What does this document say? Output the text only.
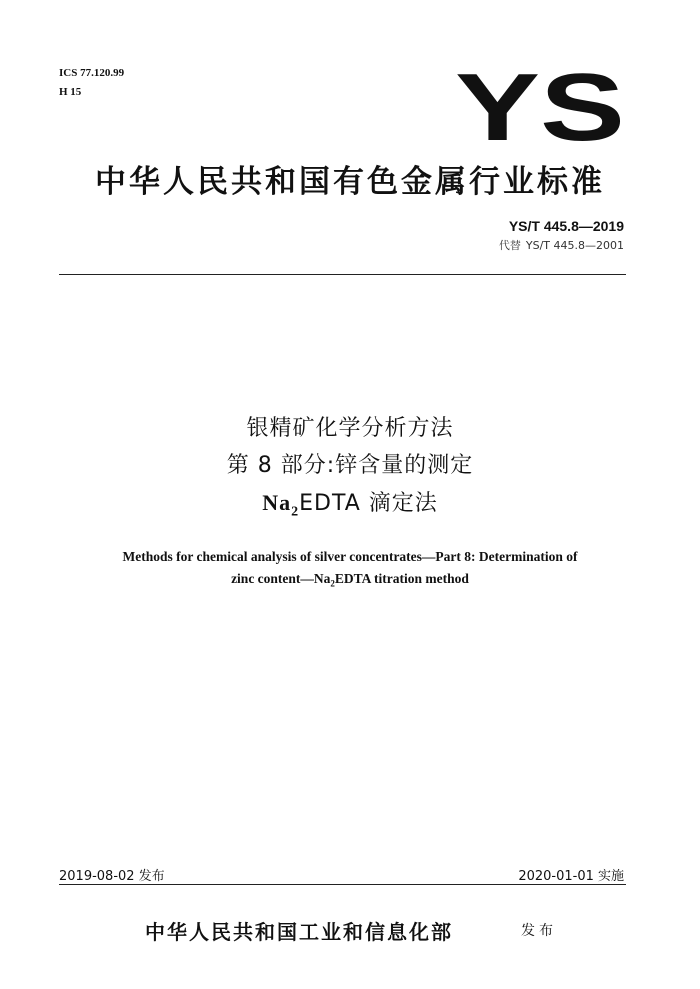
ICS 77.120.99
H 15	YS
中华人民共和国有色金属行业标准
YS/T 445.8—2019
代替 YS/T 445.8—2001
银精矿化学分析方法
第 8 部分:锌含量的测定
$Na_2EDTA$ 滴定法
Methods for chemical analysis of silver concentrates—Part 8: Determination of
zinc $content—Na_2EDTA$ titration method
2019-08-02 发布	2020-01-01 实施
中华人民共和国工业和信息化部	发布
